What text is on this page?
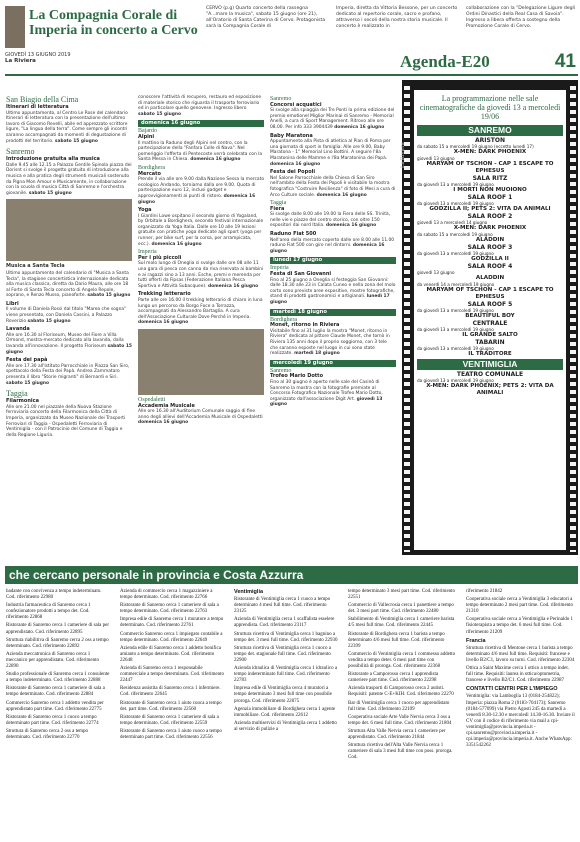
La Compagnia Corale di Imperia in concerto a Cervo
CERVO (p.g) Quarto concerto della rassegna "A...mare la musica", sabato 15 giugno (ore 21), all'Oratorio di Santa Caterina di Cervo. Protagonista sarà la Compagnia Corale di
Imperia, diretta da Vittoria Bessone, per un concerto dedicato al repertorio corale, sacro e profano, attraverso i secoli della nostra storia musicale. Il concerto è realizzato in
collaborazione con la "Delegazione Ligure degli Ordini Dinastici della Real Casa di Savoia". Ingresso a libera offerta a sostegno della Promozione Corale di Cervo.
GIOVEDÌ 13 GIUGNO 2019
La Riviera	Agenda-E20	41
San Biagio della Cima
Itinerari di letteratura
Ultimo appuntamento, al Centro Le Rose del calendario Itinerari di letteratura con la presentazione dell'ultimo lavoro di Giacomo Revelli, abile ed apprezzato scrittore ligure, "La lingua della terra". Come sempre gli incontri saranno accompagnati da momenti di degustazione di prodotti del territorio. sabato 15 giugno
Sanremo
Introduzione gratuita alla musica
Dalle 9.45 alle 12.15 a Palazzo Gentile Spinola piazza dei Dorisnt si svolge il progetto gratuito di introduzione alla musica e alla pratica degli strumenti musicali sostenuto da Pigna Mon Amour e Musicamente, in collaborazione con la scuola di musica Città di Sanremo e l'orchestra giovanile. sabato 15 giugno
Musica a Santa Tecla
Ultimo appuntamento del calendario di "Musica a Santa Tecla", la stagione concertistica internazionale dedicata alla musica classica, diretta da Dario Maura, alle ore 18 al Forte di Santa Tecla concerto di Angelo Repole, soprano, e Renzo Musso, pianoforte. sabato 15 giugno
Libri
Il volume di Daniela Rossi dal titolo "Marea che sogna" viene presentato, con Daniela Cassini, a Palazzo Roverizio sabato 15 giugno
Lavanda
Alle ore 16.30 al Floriseum, Museo del Fiore a Villa Ormond, mostra-mercato dedicato alla lavanda, dalla lavanda all'innovazione. Il progetto Floriseum sabato 15 giugno
Festa dei papà
Alle ore 17.30 all'Istituto Parrocchiale in Piazza San Siro, spettacolo della Festa dei Papà. Andrea Zammataro presenta il libro "Storie migranti" di Bernardi e Siri. sabato 15 giugno
Taggia
Filarmonica
Alle ore 21.00 nel piazzale della Nuova Stazione ferroviaria concerto della Filarmonica della Città di Imperia, organizzato da Museo Nazionale dei Trasporti Ferroviari di Taggia - Ospedaletti Ferroviaria di Ventimiglia - con il Patrocinio del Comune di Taggia e della Regione Liguria.
conoscere l'attività di recupero, restauro ed esposizione di materiale storico che riguarda il trasporto ferroviario ed in particolare quello genovese. Ingresso libero sabato 15 giugno
domenica 16 giugno
Bajardo
Alpini
Il mattino la Raduno degli Alpini nel centro, con la partecipazione della "Fanfara Colle di Nava". Nel pomeriggio l'offerta di Pentecoste verrà celebrata con la Santa Messa in Chiesa. domenica 16 giugno
Bordighera
Mercato
Prende il via alle ore 9.00 dalla Nazione Sessa la mercato ecologico Andando, torniamo dalla ore 9.00. Quota di partecipazione euro 12, inclusi gadget e approvvigionamenti ai punti di ristoro. domenica 16 giugno
Yoga
I Giardini Lowe ospitano il secondo giorno di Yogaland, by Orbitale a Bordighera, secondo festival internazionale organizzato da Yoga Italia. Dalle ore 10 alle 19 lezioni gratuite con pratiche yoga dedicate agli sport (yoga per runner, per bike surf, per la corsa, per arrampicata, ecc.). domenica 16 giugno
Imperia
Per i più piccoli
Sul molo lungo di Oneglia si svolge dalle ore 08 alle 11 una gara di pesca con canna da riva riservata ai bambini e ai ragazzi sino a 13 anni. Esche, premi e merenda per tutti offerti da Fipsas (Federazione Italiana Pesca Sportiva e Attività Subacquee). domenica 16 giugno
Trekking letterario
Parte alle ore 16.00 il trekking letterario di chiaro in luna lungo un percorso da Borgo Foce a Torrazza, accompagnati da Alessandro Bartaglia. A cura dell'Associazione Culturale Dove Perché in Imperia. domenica 16 giugno
Ospedaletti
Accademia Musicale
Alle ore 16.30 all'Auditorium Comunale saggio di fine anno degli allievi dell'Accademia Musicale di Ospedaletti domenica 16 giugno
Sanremo
Concorsi acquatici
Si svolge alla spiaggia dei Tre Ponti la prima edizione del premio emotionel Miglior Marinai di Sanremo - Memorial Anelli, a cura di Sport Management. Ritrovo alle ore 08.00. Per info 333 3904439 domenica 16 giugno
Baby Maratona
Appuntamento alla Pista di atletica al Pian di Poma per una giornata di sport in famiglia. Alle ore 9.00, Baby Maratona - 1° Memorial Lino Bottini. A seguire l'8a Maratonina delle Mamme e l'8a Maratonina dei Papà. domenica 16 giugno
Festa dei Popoli
Nel Salone Parrocchiale della Chiesa di San Siro nell'ambito della Festa dei Popoli è visitabile la mostra fotografica "Costruire Resilienza" di foto di Mesi a cura di Arco Culture sociale. domenica 16 giugno
Taggia
Fiera
Si svolge dalle 8.00 alle 19.00 la Fiera delle SS. Trinità, nelle vie e piazze del centro storico, con oltre 150 espositori dai nord Italia. domenica 16 giugno
Raduno Fiat 500
Nell'area della mercato coperto dalle ore 8.00 alle 11.00 raduno Fiat 500 con giro nel dintorni. domenica 16 giugno
lunedì 17 giugno
Imperia
Festa di San Giovanni
Fino al 25 giugno a Oneglia si festeggia San Giovanni: dalle 18.30 alle 23 in Calata Cuneo e nella zona del molo corto sono previste aree espositive, mostre fotografiche, stand di prodotti gastronomici e artigianali. lunedì 17 giugno
martedì 18 giugno
Bordighera
Monet, ritorno in Riviera
Visitabile fino al 31 luglio la mostra "Monet, ritorno in Riviera" dedicata al pittore Claude Monet, che tornò in Riviera 135 anni dopo il proprio soggiorno, con 3 tele che saranno esposte nel luogo in cui sono state realizzate. martedì 18 giugno
mercoledì 19 giugno
Sanremo
Trofeo Mario Dotto
Fino al 30 giugno è aperto nelle sale del Casinò di Sanremo la mostra con la fotografie premiate al Concorso Fotografico Nazionale Trofeo Mario Dotto, organizzato dall'associazione Digit Art. giovedì 13 giugno
La Riviera
La programmazione nelle sale cinematografiche da giovedì 13 a mercoledì 19/06
SANREMO
ARISTON
da sabato 15 a mercoledì 19 giugno (eccetto lunedì 17)
X-MEN: DARK PHOENIX
giovedì 13 giugno
MARYAM OF TSCHON - CAP 1 ESCAPE TO EPHESUS
SALA RITZ
da giovedì 13 a mercoledì 19 giugno
I MORTI NON MUOIONO
SALA ROOF 1
da giovedì 13 a mercoledì 19 giugno
GODZILLA II; PETS 2: VITA DA ANIMALI
SALA ROOF 2
giovedì 13 a mercoledì 14 giugno
X-MEN: DARK PHOENIX
da sabato 15 a mercoledì 19 giugno
ALADDIN
SALA ROOF 3
da giovedì 13 a mercoledì 19 giugno
GODZILLA II
SALA ROOF 4
giovedì 13 giugno
ALADDIN
da venerdì 14 a mercoledì 19 giugno
MARYAM OF TSCHON - CAP 1 ESCAPE TO EPHESUS
SALA ROOF 5
da giovedì 13 a mercoledì 19 giugno
BEAUTIFUL BOY
CENTRALE
da giovedì 13 a mercoledì 19 giugno
IL GRANDE SALTO
TABARIN
da giovedì 13 a mercoledì 19 giugno
IL TRADITORE
VENTIMIGLIA
TEATRO COMUNALE
da giovedì 13 a mercoledì 19 giugno
X-MEN: DARK PHOENIX; PETS 2: VITA DA ANIMALI
che cercano personale in provincia e Costa Azzurra

badante con convivenza a tempo indeterminato. Cod. riferimento 22980

Industria farmaceutica di Sanremo cerca 1 confezionatore prodotti a tempo det. Cod. riferimento 22868

Ristorante di Sanremo cerca 1 cameriere di sala per apprendistato. Cod. riferimento 22895

Struttura riabilitiva di Sanremo cerca 2 oss a tempo determinato. Cod. riferimento 22892

Azienda meccatronica di Sanremo cerca 1 meccanico per apprendistato. Cod. riferimento 22890

Studio professionale di Sanremo cerca 1 consulente a tempo indeterminato. Cod. riferimento 22888

Ristorante di Sanremo cerca 1 cameriere di sala a tempo determinato. Cod. riferimento 22884

Commercio Sanremo cerca 1 addetto vendita per apprendistato part time. Cod. riferimento 22775

Ristorante di Sanremo cerca 1 cuoco a tempo determinato part time. Cod. riferimento 22774

Struttura di Sanremo cerca 2 oss a tempo determinato. Cod. riferimento 22770

Azienda di commercio cerca 1 magazziniere a tempo determinato. Cod. riferimento 22766

Ristorante di Sanremo cerca 1 cameriere di sala a tempo determinato. Cod. riferimento 22763

Impresa edile di Sanremo cerca 1 muratore a tempo determinato. Cod. riferimento 22761

Commercio Sanremo cerca 1 impiegato contabile a tempo determinato. Cod. riferimento 22649

Azienda edile di Sanremo cerca 1 addetto bonifica amianto a tempo determinato. Cod. riferimento 22648

Azienda di Sanremo cerca 1 responsabile commerciale a tempo determinato. Cod. riferimento 22447

Residenza assistita di Sanremo cerca 1 infermiere. Cod. riferimento 22645

Ristorante di Sanremo cerca 1 aiuto cuoca a tempo det. part time. Cod. riferimento 22560

Ristorante di Sanremo cerca 1 cameriere di sala a tempo determinato. Cod. riferimento 22559

Ristorante di Sanremo cerca 1 aiuto cuoco a tempo determinato part time. Cod. riferimento 22556

Ventimiglia

Ristorante di Ventimiglia cerca 1 cuoco a tempo determinato 4 mesi full time. Cod. riferimento 23125

Azienda di Ventimiglia cerca 1 scaffalista esselere apprendista. Cod. riferimento 23117

Struttura ricettiva di Ventimiglia cerca 1 bagnino a tempo det. 3 mesi full time. Cod. riferimento 22930

Struttura ricettiva di Ventimiglia cerca 1 cuoco a tempo det. stagionale full time. Cod. riferimento 22900

Azienda idraulica di Ventimiglia cerca 1 idraulico a tempo indeterminato full time. Cod. riferimento 22783

Impresa edile di Ventimiglia cerca 4 muratori a tempo determinato 3 mesi full time con possibile proroga. Cod. riferimento 22875

Agenzia immobiliare di Bordighera cerca 1 agente immobiliare. Cod. riferimento 22612

Azienda multiservizi di Ventimiglia cerca 1 addetto al servizio di pulizie a

tempo determinato 3 mesi part time. Cod. riferimento 22551

Commercio di Vallecrosia cerca 1 panettiere a tempo det. 3 mesi part time. Cod. riferimento 22480

Stabilimento di Ventimiglia cerca 1 cameriere barista 4/5 mesi full time. Cod. riferimento 22445

Ristorante di Bordighera cerca 1 barista a tempo determinato 4/6 mesi full time. Cod. riferimento 22399

Commercio di Ventimiglia cerca 1 commesso addetto vendita a tempo deter. 6 mesi part time con possibilità di proroga. Cod. riferimento 22368

Ristorante a Camporosso cerca 1 apprendista cameriere part time. Cod. riferimento 22298

Azienda trasporti di Camporosso cerca 2 autisti. Requisiti: patente C-E+KIH. Cod. riferimento 22270

Bar di Ventimiglia cerca 1 cuoco per apprendistato full time. Cod. riferimento 22109

Cooperativa sociale Arte Valle Nervia cerca 3 oss a tempo det. 6 mesi full time. Cod. riferimento 21804

Struttura Alta Valle Nervia cerca 1 cameriere per apprendistato. Cod. riferimento 21844

Struttura ricettiva dell'Alta Valle Nervia cerca 1 cameriere di sala 3 mesi full time con poss. proroga. Cod.

riferimento 21842

Cooperativa sociale cerca a Ventimiglia 3 educatori a tempo determinato 2 mesi part time. Cod. riferimento 21310

Cooperativa sociale cerca a Ventimiglia e Perinaldo 1 fisioterapista a tempo det. 6 mesi full time. Cod. riferimento 21209

Francia

Struttura ricettiva di Mentone cerca 1 barista a tempo determinato 4/6 mesi full time. Requisiti: francese e livello B2/C1, lavoro su turni. Cod. riferimento 22304

Ottica a Saint Maxime cerca 1 ottico a tempo indet. full time. Requisiti: laurea in ottica/optometria, francese e livello B2/C1. Cod. riferimento 22987

CONTATTI CENTRI PER L'IMPIEGO

Ventimiglia: via Lamboglia 13 (0184-254822); Imperia: piazza Roma 2 (0183-704173); Sanremo (0184-577099) via Pietro Agosti 245 da martedì a venerdì 8.30-12.30 e mercoledì 14.30-16.30. Inviare il CV con il codice di riferimento via mail a cpi-ventimiglia@provincia.imperia.it - cpi.sanremo@provincia.imperia.it - cpi.imperia@provincia.imperia.it. Anche WhatsApp: 3351542262
